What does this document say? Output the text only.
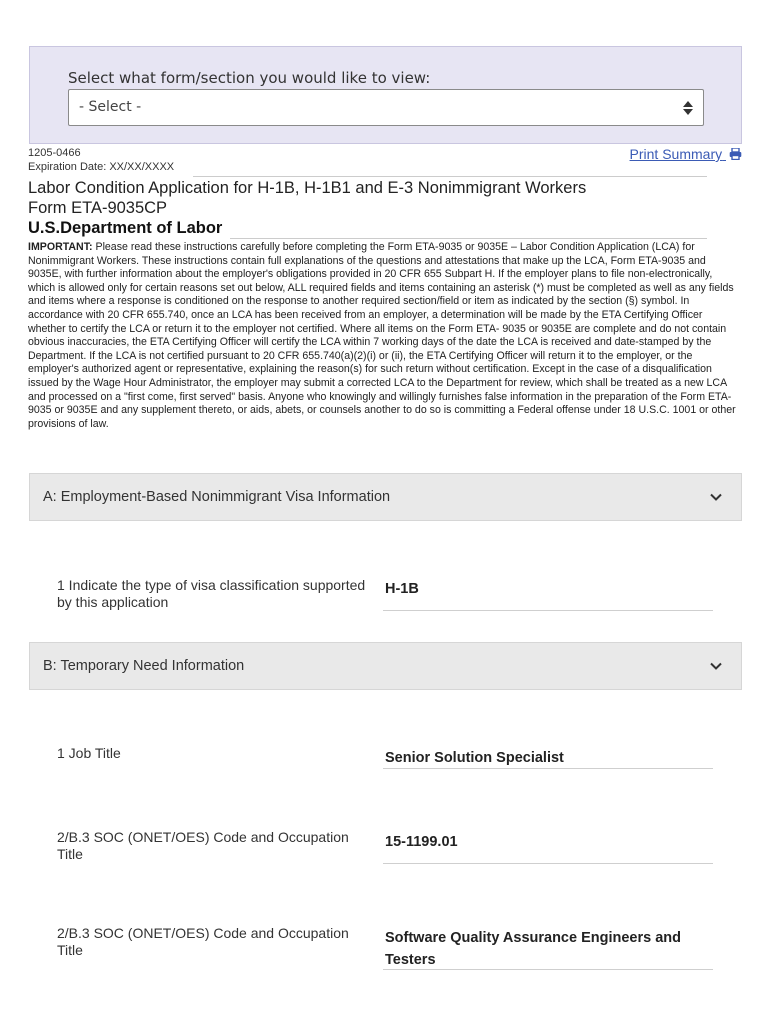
Select what form/section you would like to view:
- Select -
1205-0466
Expiration Date: XX/XX/XXXX
Print Summary
Labor Condition Application for H-1B, H-1B1 and E-3 Nonimmigrant Workers
Form ETA-9035CP
U.S.Department of Labor
IMPORTANT: Please read these instructions carefully before completing the Form ETA-9035 or 9035E – Labor Condition Application (LCA) for Nonimmigrant Workers. These instructions contain full explanations of the questions and attestations that make up the LCA, Form ETA-9035 and 9035E, with further information about the employer's obligations provided in 20 CFR 655 Subpart H. If the employer plans to file non-electronically, which is allowed only for certain reasons set out below, ALL required fields and items containing an asterisk (*) must be completed as well as any fields and items where a response is conditioned on the response to another required section/field or item as indicated by the section (§) symbol. In accordance with 20 CFR 655.740, once an LCA has been received from an employer, a determination will be made by the ETA Certifying Officer whether to certify the LCA or return it to the employer not certified. Where all items on the Form ETA- 9035 or 9035E are complete and do not contain obvious inaccuracies, the ETA Certifying Officer will certify the LCA within 7 working days of the date the LCA is received and date-stamped by the Department. If the LCA is not certified pursuant to 20 CFR 655.740(a)(2)(i) or (ii), the ETA Certifying Officer will return it to the employer, or the employer's authorized agent or representative, explaining the reason(s) for such return without certification. Except in the case of a disqualification issued by the Wage Hour Administrator, the employer may submit a corrected LCA to the Department for review, which shall be treated as a new LCA and processed on a "first come, first served" basis. Anyone who knowingly and willingly furnishes false information in the preparation of the Form ETA- 9035 or 9035E and any supplement thereto, or aids, abets, or counsels another to do so is committing a Federal offense under 18 U.S.C. 1001 or other provisions of law.
A: Employment-Based Nonimmigrant Visa Information
1 Indicate the type of visa classification supported by this application
H-1B
B: Temporary Need Information
1 Job Title	Senior Solution Specialist
2/B.3 SOC (ONET/OES) Code and Occupation Title
15-1199.01
2/B.3 SOC (ONET/OES) Code and Occupation Title
Software Quality Assurance Engineers and Testers
